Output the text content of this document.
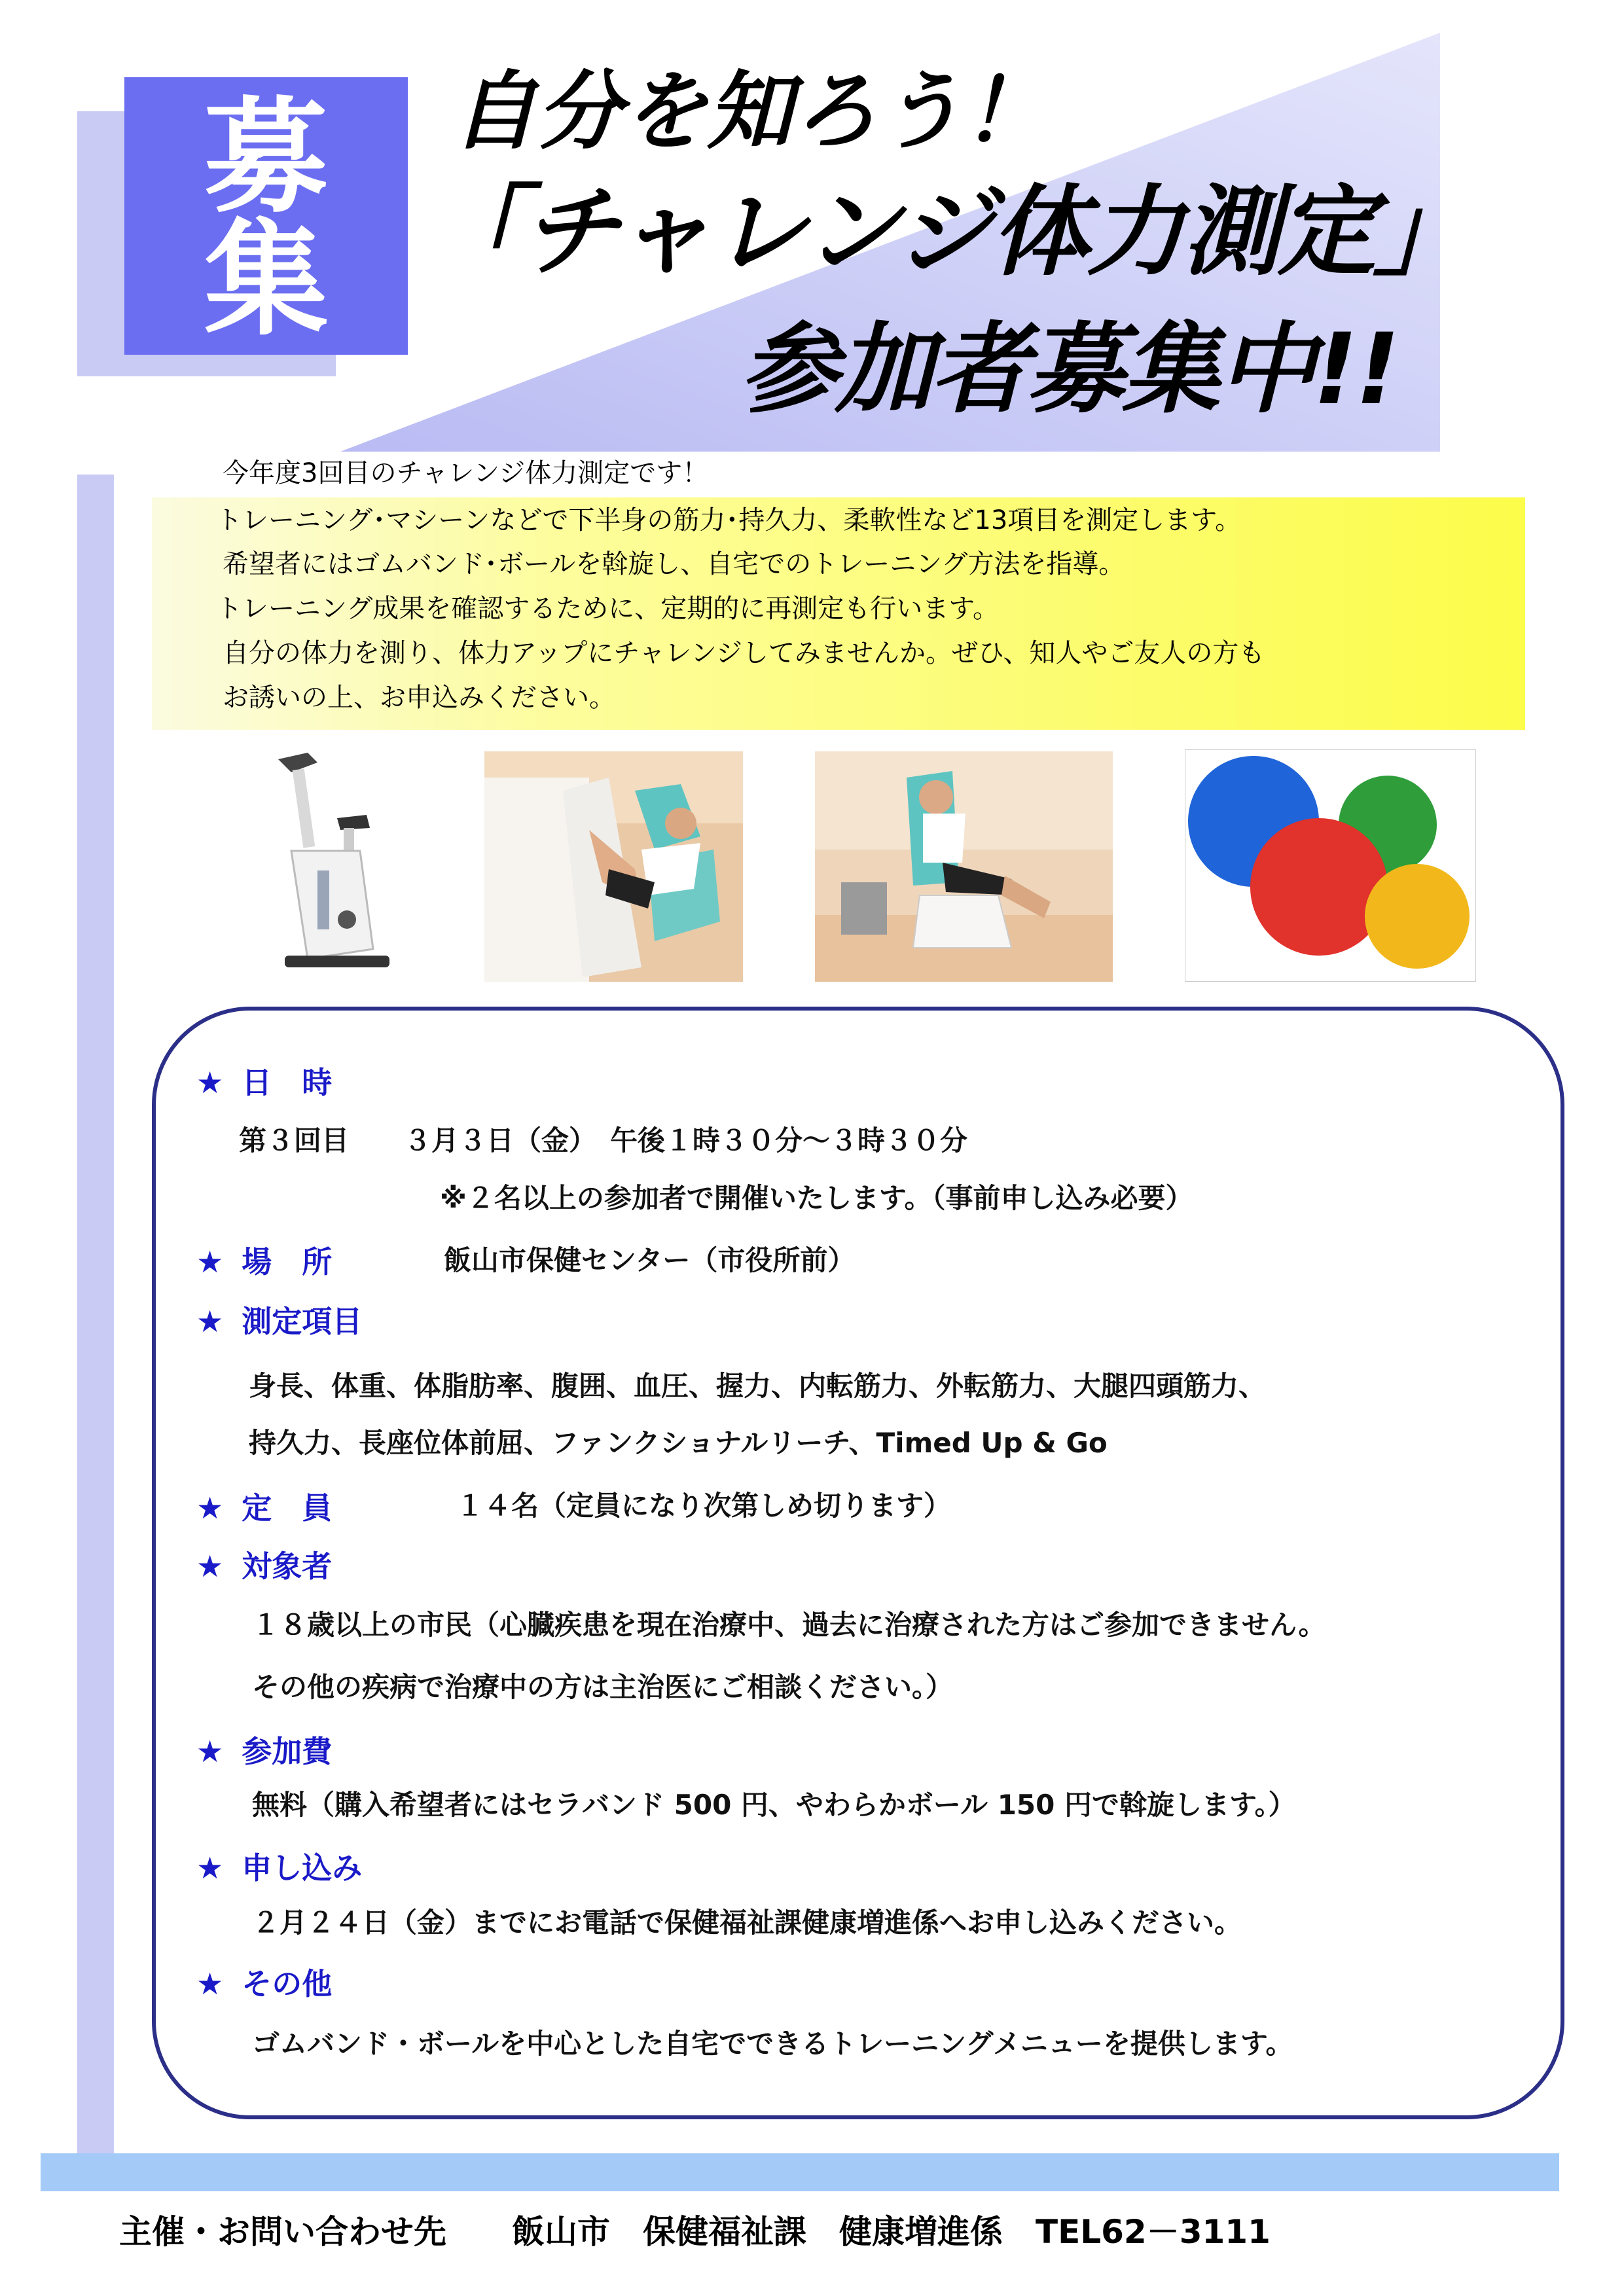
募
集
自分を知ろう！
「チャレンジ体力測定」
参加者募集中!!
今年度3回目のチャレンジ体力測定です！
トレーニング･マシーンなどで下半身の筋力･持久力、柔軟性など13項目を測定します。
希望者にはゴムバンド･ボールを斡旋し、自宅でのトレーニング方法を指導。
トレーニング成果を確認するために、定期的に再測定も行います。
自分の体力を測り、体力アップにチャレンジしてみませんか。ぜひ、知人やご友人の方も
お誘いの上、お申込みください。
★ 日　時
第３回目　　３月３日（金）　午後１時３０分～３時３０分
※２名以上の参加者で開催いたします。（事前申し込み必要）
★ 場　所	飯山市保健センター（市役所前）
★ 測定項目
身長、体重、体脂肪率、腹囲、血圧、握力、内転筋力、外転筋力、大腿四頭筋力、
持久力、長座位体前屈、ファンクショナルリーチ、Timed Up & Go
★ 定　員	１４名（定員になり次第しめ切ります）
★ 対象者
１８歳以上の市民（心臓疾患を現在治療中、過去に治療された方はご参加できません。
その他の疾病で治療中の方は主治医にご相談ください。）
★ 参加費
無料（購入希望者にはセラバンド 500 円、やわらかボール 150 円で斡旋します。）
★ 申し込み
２月２４日（金）までにお電話で保健福祉課健康増進係へお申し込みください。
★ その他
ゴムバンド・ボールを中心とした自宅でできるトレーニングメニューを提供します。
主催・お問い合わせ先　　飯山市　保健福祉課　健康増進係　TEL62－3111
